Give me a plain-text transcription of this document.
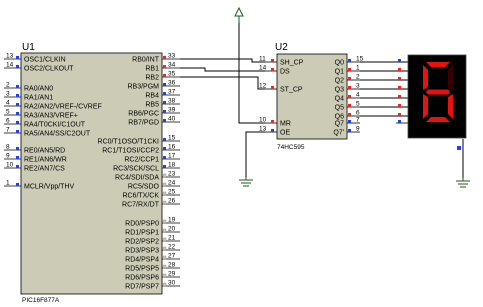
U1
PIC16F877A
13
OSC1/CLKIN
14
OSC2/CLKOUT
2
RA0/AN0
3
RA1/AN1
4
RA2/AN2/VREF-/CVREF
5
RA3/AN3/VREF+
6
RA4/T0CKI/C1OUT
7
RA5/AN4/SS/C2OUT
8
RE0/AN5/RD
9
RE1/AN6/WR
10
RE2/AN7/CS
1
MCLR/Vpp/THV
33
RB0/INT
34
RB1
35
RB2
36
RB3/PGM
37
RB4
38
RB5
39
RB6/PGC
40
RB7/PGD
15
RC0/T1OSO/T1CKI
16
RC1/T1OSI/CCP2
17
RC2/CCP1
18
RC3/SCK/SCL
23
RC4/SDI/SDA
24
RC5/SDO
25
RC6/TX/CK
26
RC7/RX/DT
19
RD0/PSP0
20
RD1/PSP1
21
RD2/PSP2
22
RD3/PSP3
27
RD4/PSP4
28
RD5/PSP5
29
RD6/PSP6
30
RD7/PSP7
U2
74HC595
11
SH_CP
14
DS
12
ST_CP
10
MR
13
OE
15
Q0
1
Q1
2
Q2
3
Q3
4
Q4
5
Q5
6
Q6 7
Q7
9
Q7'
